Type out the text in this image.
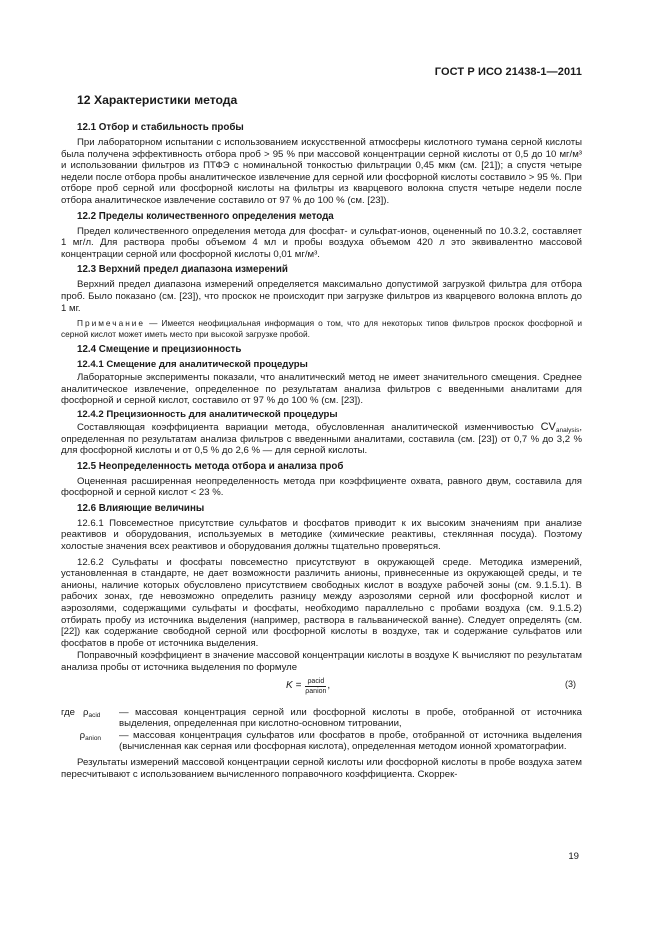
ГОСТ Р ИСО 21438-1—2011
12 Характеристики метода
12.1 Отбор и стабильность пробы

При лабораторном испытании с использованием искусственной атмосферы кислотного тумана серной кислоты была получена эффективность отбора проб > 95 % при массовой концентрации серной кислоты от 0,5 до 10 мг/м³ и использовании фильтров из ПТФЭ с номинальной тонкостью фильтрации 0,45 мкм (см. [21]); а спустя четыре недели после отбора пробы аналитическое извлечение для серной или фосфорной кислоты составило > 95 %. При отборе проб серной или фосфорной кислоты на фильтры из кварцевого волокна спустя четыре недели после отбора аналитическое извлечение составило от 97 % до 100 % (см. [23]).

12.2 Пределы количественного определения метода

Предел количественного определения метода для фосфат- и сульфат-ионов, оцененный по 10.3.2, составляет 1 мг/л. Для раствора пробы объемом 4 мл и пробы воздуха объемом 420 л это эквивалентно массовой концентрации серной или фосфорной кислоты 0,01 мг/м³.

12.3 Верхний предел диапазона измерений

Верхний предел диапазона измерений определяется максимально допустимой загрузкой фильтра для отбора проб. Было показано (см. [23]), что проскок не происходит при загрузке фильтров из кварцевого волокна вплоть до 1 мг.

Примечание — Имеется неофициальная информация о том, что для некоторых типов фильтров проскок фосфорной и серной кислот может иметь место при высокой загрузке пробой.
12.4 Смещение и прецизионность
12.4.1 Смещение для аналитической процедуры

Лабораторные эксперименты показали, что аналитический метод не имеет значительного смещения. Среднее аналитическое извлечение, определенное по результатам анализа фильтров с введенными аналитами для фосфорной и серной кислот, составило от 97 % до 100 % (см. [23]).

12.4.2 Прецизионность для аналитической процедуры

Составляющая коэффициента вариации метода, обусловленная аналитической изменчивостью $CV_{analysis}$, определенная по результатам анализа фильтров с введенными аналитами, составила (см. [23]) от 0,7 % до 3,2 % для фосфорной кислоты и от 0,5 % до 2,6 % — для серной кислоты.

12.5 Неопределенность метода отбора и анализа проб

Оцененная расширенная неопределенность метода при коэффициенте охвата, равного двум, составила для фосфорной и серной кислот < 23 %.

12.6 Влияющие величины

12.6.1 Повсеместное присутствие сульфатов и фосфатов приводит к их высоким значениям при анализе реактивов и оборудования, используемых в методике (химические реактивы, стеклянная посуда). Поэтому холостые значения всех реактивов и оборудования должны тщательно проверяться.

12.6.2 Сульфаты и фосфаты повсеместно присутствуют в окружающей среде. Методика измерений, установленная в стандарте, не дает возможности различить анионы, привнесенные из окружающей среды, и те анионы, наличие которых обусловлено присутствием свободных кислот в воздухе рабочей зоны (см. 9.1.5.1). В рабочих зонах, где невозможно определить разницу между аэрозолями серной или фосфорной кислот и аэрозолями, содержащими сульфаты и фосфаты, необходимо параллельно с пробами воздуха (см. 9.1.5.2) отбирать пробу из источника выделения (например, раствора в гальванической ванне). Следует определять (см. [22]) как содержание свободной серной или фосфорной кислоты в воздухе, так и содержание сульфатов или фосфатов в пробе от источника выделения.

Поправочный коэффициент в значение массовой концентрации кислоты в воздухе K вычисляют по результатам анализа пробы от источника выделения по формуле

$K = \frac{\text{ρacid}}{\text{ρanion}}$ ,	(3)
где $\rho_{acid}$	— массовая концентрация серной или фосфорной кислоты в пробе, отобранной от источника выделения, определенная при кислотно-основном титровании,
$\rho_{anion}$	— массовая концентрация сульфатов или фосфатов в пробе, отобранной от источника выделения (вычисленная как серная или фосфорная кислота), определенная методом ионной хроматографии.

Результаты измерений массовой концентрации серной кислоты или фосфорной кислоты в пробе воздуха затем пересчитывают с использованием вычисленного поправочного коэффициента. Скоррек-

19
